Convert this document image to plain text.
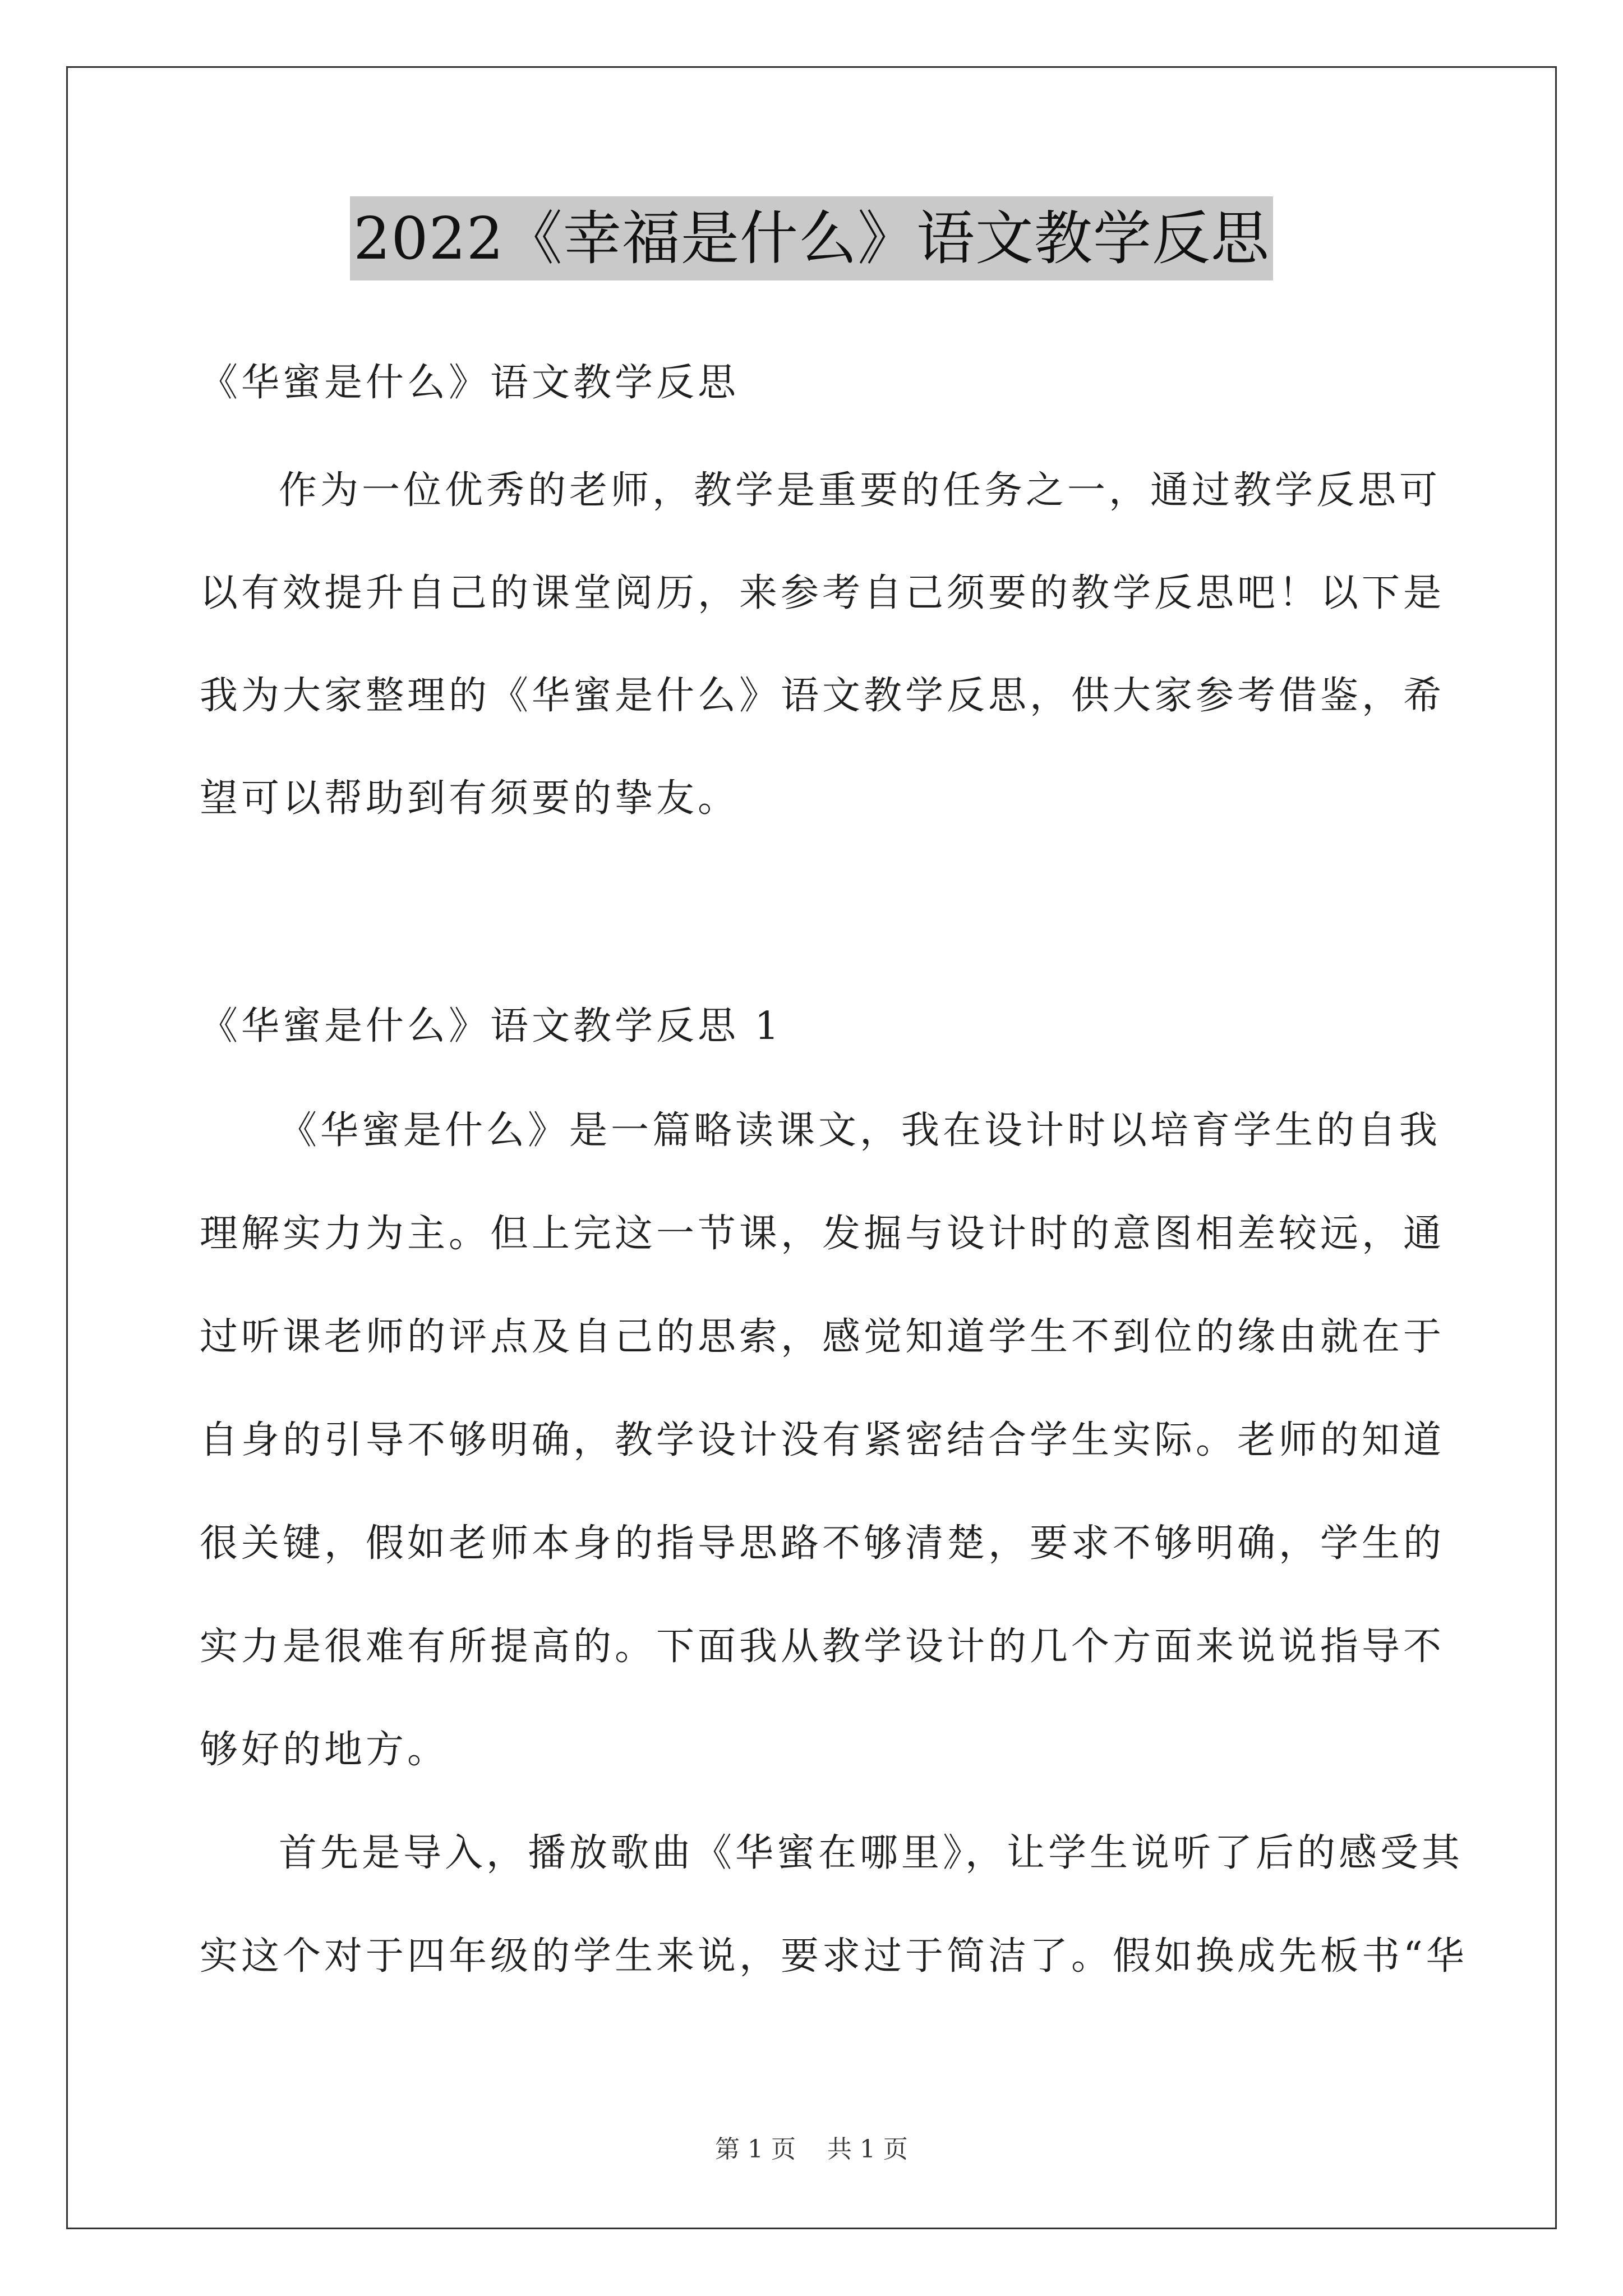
2022《幸福是什么》语文教学反思
《华蜜是什么》语文教学反思
作为一位优秀的老师，教学是重要的任务之一，通过教学反思可
以有效提升自己的课堂阅历，来参考自己须要的教学反思吧！以下是
我为大家整理的《华蜜是什么》语文教学反思，供大家参考借鉴，希
望可以帮助到有须要的挚友。
《华蜜是什么》语文教学反思 1
《华蜜是什么》是一篇略读课文，我在设计时以培育学生的自我
理解实力为主。但上完这一节课，发掘与设计时的意图相差较远，通
过听课老师的评点及自己的思索，感觉知道学生不到位的缘由就在于
自身的引导不够明确，教学设计没有紧密结合学生实际。老师的知道
很关键，假如老师本身的指导思路不够清楚，要求不够明确，学生的
实力是很难有所提高的。下面我从教学设计的几个方面来说说指导不
够好的地方。
首先是导入，播放歌曲《华蜜在哪里》，让学生说听了后的感受其
实这个对于四年级的学生来说，要求过于简洁了。假如换成先板书“华
第 1 页    共 1 页
